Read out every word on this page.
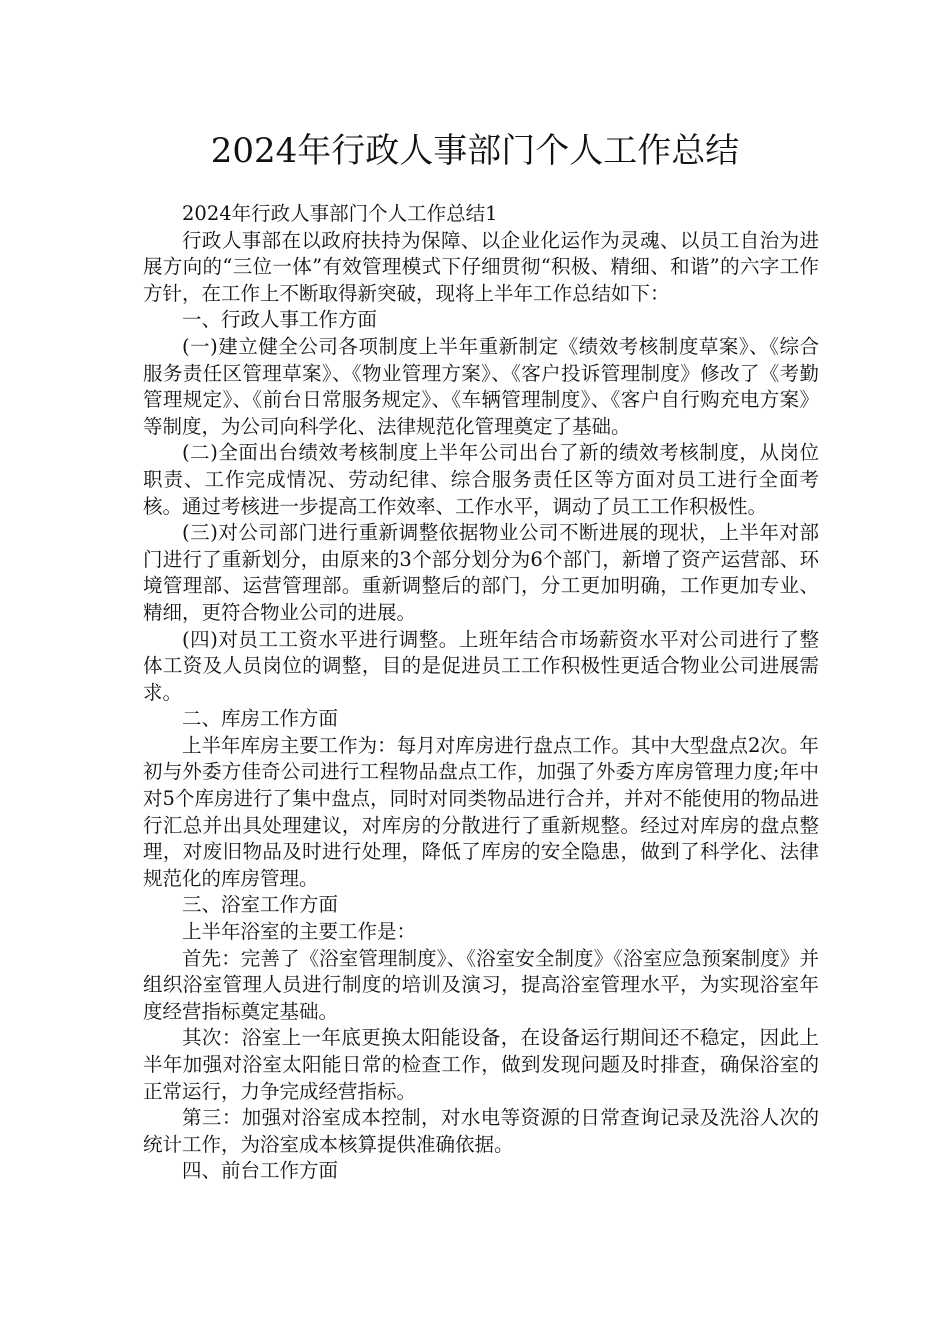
2024年行政人事部门个人工作总结

2024年行政人事部门个人工作总结1

行政人事部在以政府扶持为保障、以企业化运作为灵魂、以员工自治为进展方向的“三位一体”有效管理模式下仔细贯彻“积极、精细、和谐”的六字工作方针，在工作上不断取得新突破，现将上半年工作总结如下：

一、行政人事工作方面

(一)建立健全公司各项制度上半年重新制定《绩效考核制度草案》、《综合服务责任区管理草案》、《物业管理方案》、《客户投诉管理制度》修改了《考勤管理规定》、《前台日常服务规定》、《车辆管理制度》、《客户自行购充电方案》等制度，为公司向科学化、法律规范化管理奠定了基础。

(二)全面出台绩效考核制度上半年公司出台了新的绩效考核制度，从岗位职责、工作完成情况、劳动纪律、综合服务责任区等方面对员工进行全面考核。通过考核进一步提高工作效率、工作水平，调动了员工工作积极性。

(三)对公司部门进行重新调整依据物业公司不断进展的现状，上半年对部门进行了重新划分，由原来的3个部分划分为6个部门，新增了资产运营部、环境管理部、运营管理部。重新调整后的部门，分工更加明确，工作更加专业、精细，更符合物业公司的进展。

(四)对员工工资水平进行调整。上班年结合市场薪资水平对公司进行了整体工资及人员岗位的调整，目的是促进员工工作积极性更适合物业公司进展需求。

二、库房工作方面

上半年库房主要工作为：每月对库房进行盘点工作。其中大型盘点2次。年初与外委方佳奇公司进行工程物品盘点工作，加强了外委方库房管理力度;年中对5个库房进行了集中盘点，同时对同类物品进行合并，并对不能使用的物品进行汇总并出具处理建议，对库房的分散进行了重新规整。经过对库房的盘点整理，对废旧物品及时进行处理，降低了库房的安全隐患，做到了科学化、法律规范化的库房管理。

三、浴室工作方面

上半年浴室的主要工作是：

首先：完善了《浴室管理制度》、《浴室安全制度》《浴室应急预案制度》并组织浴室管理人员进行制度的培训及演习，提高浴室管理水平，为实现浴室年度经营指标奠定基础。

其次：浴室上一年底更换太阳能设备，在设备运行期间还不稳定，因此上半年加强对浴室太阳能日常的检查工作，做到发现问题及时排查，确保浴室的正常运行，力争完成经营指标。

第三：加强对浴室成本控制，对水电等资源的日常查询记录及洗浴人次的统计工作，为浴室成本核算提供准确依据。

四、前台工作方面
